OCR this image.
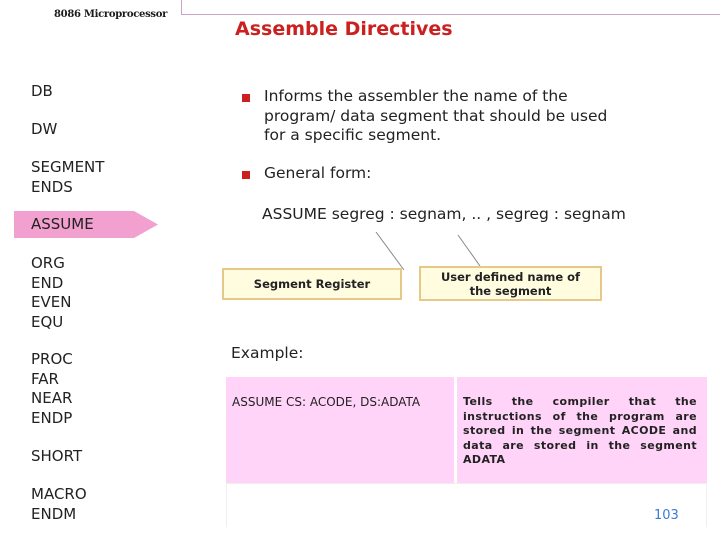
8086 Microprocessor
Assemble Directives
DB
DW
SEGMENT
ENDS
ASSUME
ORG
END
EVEN
EQU
PROC
FAR
NEAR
ENDP
SHORT
MACRO
ENDM
Informs the assembler the name of the
program/ data segment that should be used
for a specific segment.
General form:
ASSUME segreg : segnam, .. , segreg : segnam
Segment Register
User defined name of
the segment
Example:
ASSUME CS: ACODE, DS:ADATA	Tells the compiler that the
instructions of the program are
stored in the segment ACODE and
data are stored in the segment
ADATA
103
